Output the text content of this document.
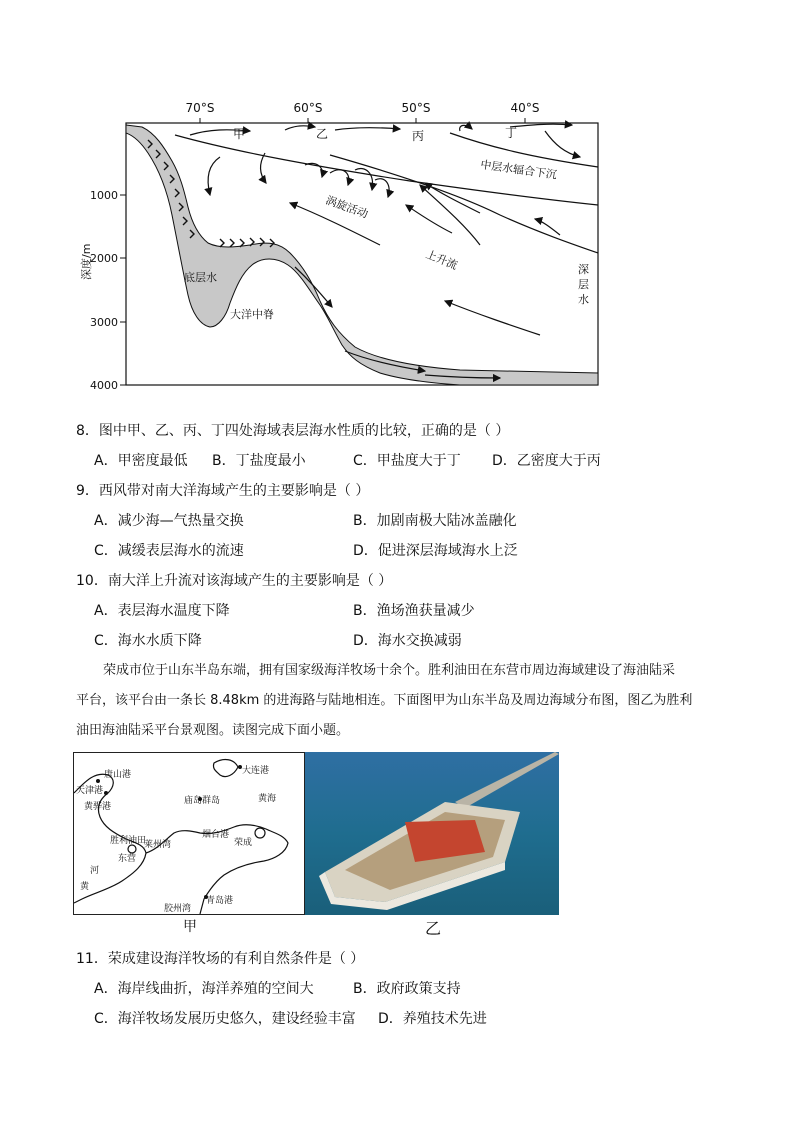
70°S	60°S	50°S	40°S
1000
2000
3000
4000
深度/m
甲	乙	丙	丁
中层水辐合下沉
涡旋活动
上升流	深
层
水
底层水
大洋中脊
8．图中甲、乙、丙、丁四处海域表层海水性质的比较，正确的是（ ）
A．甲密度最低 B．丁盐度最小	C．甲盐度大于丁 D．乙密度大于丙
9．西风带对南大洋海域产生的主要影响是（ ）
A．减少海—气热量交换	B．加剧南极大陆冰盖融化
C．减缓表层海水的流速	D．促进深层海域海水上泛
10．南大洋上升流对该海域产生的主要影响是（ ）
A．表层海水温度下降	B．渔场渔获量减少
C．海水水质下降	D．海水交换减弱
荣成市位于山东半岛东端，拥有国家级海洋牧场十余个。胜利油田在东营市周边海域建设了海油陆采
平台，该平台由一条长 8.48km 的进海路与陆地相连。下面图甲为山东半岛及周边海域分布图，图乙为胜利
油田海油陆采平台景观图。读图完成下面小题。
唐山港
天津港
黄骅港
大连港
庙岛群岛	黄海
胜利油田
莱州湾
东营
烟台港
荣成
河
黄
胶州湾
青岛港
甲	乙
11．荣成建设海洋牧场的有利自然条件是（ ）
A．海岸线曲折，海洋养殖的空间大	B．政府政策支持
C．海洋牧场发展历史悠久，建设经验丰富 D．养殖技术先进
